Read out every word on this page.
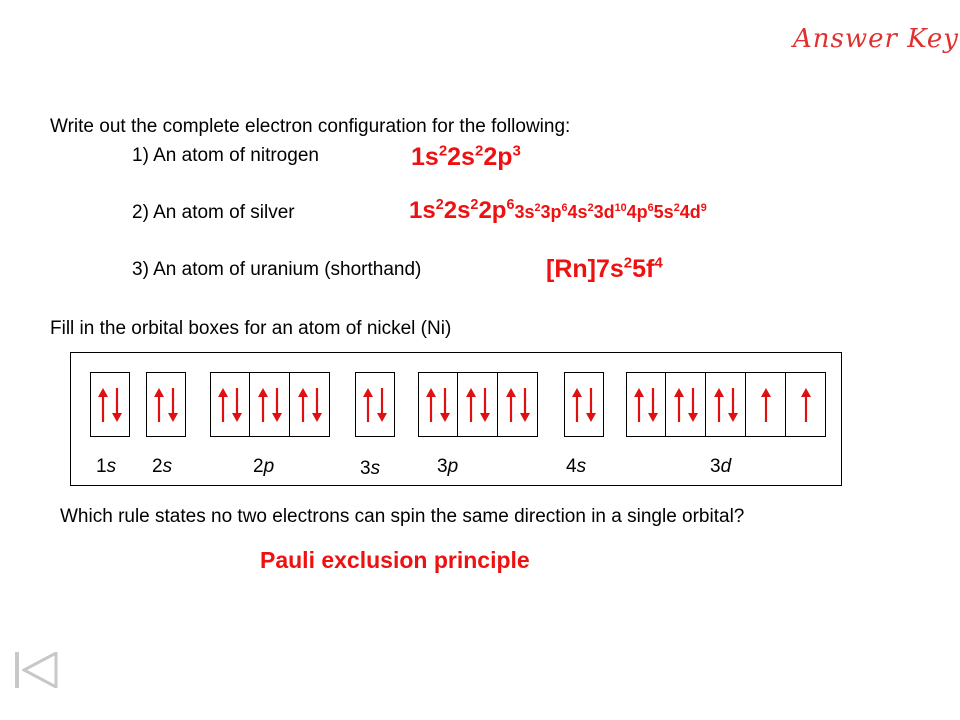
Answer Key
Write out the complete electron configuration for the following:
1) An atom of nitrogen	$1s^22s^22p^3$
2) An atom of silver	$1s^22s^22p^63s^23p^64s^23d^{10}4p^65s^24d^9$
3) An atom of uranium (shorthand)	$[Rn]7s^25f^4$
Fill in the orbital boxes for an atom of nickel (Ni)
1s 2s	2p	3s	3p	4s	3d
Which rule states no two electrons can spin the same direction in a single orbital?
Pauli exclusion principle
